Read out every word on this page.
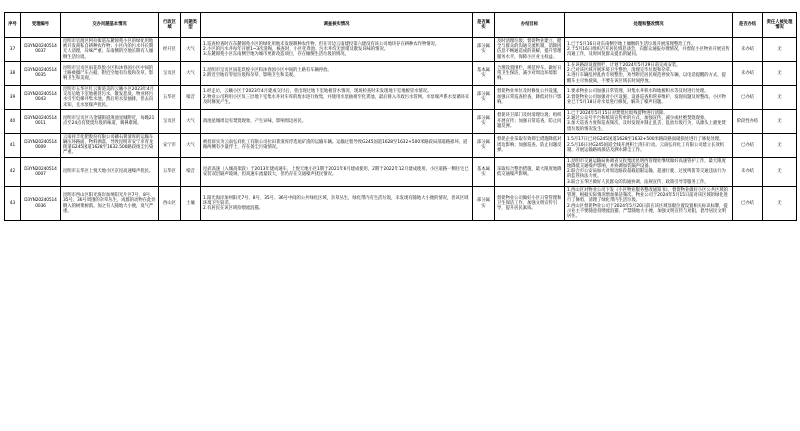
序号	受理编号	交办问题基本情况	行政区域	问题类型	调查核实情况	是否属实	办结目标	处理和整改情况	是否办结	责任人被处理情况

37	D3YN202405140037	昆明市官渡区阿拉街道东麓锦苑小区的绿化用地被开发商私自耕种农作物；小区内的污水井长期无人清理，异味严重；东南侧的空地长期有人倾倒生活垃圾。	经开区	大气	1.巡查检查时在东麓锦苑小区的绿化用地未发现耕种农作物，但在旁边云南建投第六建没有该公司地块存在耕种农作物情况。
2.小区的污水井每年开展1~3次清掏，核查时，小区化粪池、污水井均无淤堵及散发异味的情况。
3.东麓锦苑小区东南侧空地为城市更新改造项目，存在倾倒生活垃圾的情况。	部分属实	及时清理垃圾；督促物业建立、健全与群众的沟通交流机制，消除因信息不畅通造成的误解，提升管理服务水平，保障小区业主权益。	1.已于5月16日对东南侧空地上倾倒的生活垃圾开展清理整治工作。
2.于5月16日组织召开居民情恳谈会，向群众通报办理情况，并督促小区物业开展宣传沟通工作，及时回复群众提出的疑问。	未办结	无

38	D3YN202405140035	昆明市呈贡区雨花玖悦小区和沐春园小区中间的土路被僵尸车占据，附近空地有垃圾和杂草，影响卫生和美观。	呈贡区	大气	1.昆明市呈贡区雨花玖悦小区和沐春园小区中间的土路有车辆停放。
2.附近空地有零星垃圾和杂草，影响卫生和美观。	基本属实	合理设置围栏，规范停车。做好日常卫生保洁，减少对周边环境影响。	1.在该路段设置围栏，计划于2024年5月29日前完成安装。
2.已对该区域开展环境卫生整治，清理完毕垃圾和杂草。
3.进行车辆乱停乱放专项整治，劝导附近居民规范停放车辆，以电话提醒的方式，提醒车主尽快驶离，不要在该区域长时间停放。	未办结	无

39	D3YN202405140043	昆明市五华区红云街道美的云曦小区2023年4月交房后地下室地板冒污水，散发恶臭，物业将污水引至电梯井集水池，然后用水泵抽排，但去向未知，且水泵噪声扰民。	五华区	噪音	1.经走访，云曦小区于2023年4月建成交付后，曾出现过地下室地板冒水情况，现场检查时未发现地下室地板冒水情况。
2.物业公司利用小区负三层地下室集水井对车库的废水进行收集，并使用水泵抽排至化粪池，最后排入市政污水管网。水泵噪声系水泵循环未及时修复产生。	部分属实	督促物业单位及时修复公共设施，加强日常巡查检查，降低对住户影响。	1.要求物业公司加强日常管理，对集水井积水和地板积水等及时进行处理。
2.督促物业公司加强对小区设施、设备巡查和管养维护，发现问题及时整改。小区物业已于5月18日对水泵进行修复，解决了噪声问题。	已办结	无

40	D3YN202405140011	昆明市呈贡区马金铺街道滇池星城附近，每晚21点至24点有焚烧垃圾的味道，刺鼻难闻。	呈贡区	大气	滇池星城周边有焚烧现象，产生异味，影响周边居民。	部分属实	督促环卫部门及时清理垃圾；组织开展宣传；加强日常巡查，防止问题反弹。	1.已于2024年5月15日对焚烧垃圾残留物进行清除。
2.通过公众号平台和纸质宣传单的方式，加强宣传，减少或杜绝焚烧现象。
3.加大巡查力度和巡查频次，及时发现并制止乱丢、乱放垃圾行为，从源头上避免焚烧垃圾的情况发生。	阶段性办结	无

41	D3YN202405140009	云南祥丰化肥股份有限公司磷石膏渣库的运输车辆压坏路面，物料洒落，导致昆明市安宁市青龙街道G245国道1628至1632.500路段扬尘污染严重。	安宁市	大气	被投诉实为云南弘祥化工有限公司拉田菁渣库浮选尾矿渣的运输车辆。运输过程导致G245国道1628至1632+500米路段局部道路损坏。道路两侧有少量浮土，存在扬尘污染情况。	部分属实	督促企业采取有效抑尘措施降低对周边影响；加强巡查，防止问题反弹。	1.5月17日已对G245国道1628至1632+500米路段路面破损处进行了修复处理。
2.5月16日对G245国道全线开展积土清扫行动。云南弘祥化工有限公司建立长效机制，开展运输路线保洁及洒水降尘工作。	已办结	无

42	D3YN202405140007	昆明市五华区上悦天地小区京昆高速噪声扰民。	五华区	噪音	昆武高速（入城高架段）于2013年建成通车，上悦天地小区1期于2021年6月建成使用，2期于2022年12月建成使用。小区道路一侧住宅已安装双层隔声玻璃，但高速车流量较大，但仍存在交通噪声扰民情况。	基本属实	采取综合整治措施，最大限度地降低交通噪声影响。	1.昆明市交通运输局协调省交投集团昆明西管理处继续做好高速管护工作，最大限度地降低交通噪声影响，并协调加装隔声设备。
2.联合市公安局加大对周边路段超载超限运输、超速行驶、过度鸣笛等交通违法行为的监管执法力度。
3.联合五华区做好人民群众的沟通协调、法规宣传、政策引导等服务工作。	未办结	无

43	D3YN202405140036	昆明市西山区阳光海岸加州阳光片区7号、8号、35号、36号周围的杂草丛生，成群的动物在此处倒入的树菜树荫。加之有人随地大小便，臭气严重。	西山区	土壤	1.阳光海岸加州阳光7号、8号、35号、36号中间的公共绿化区域，杂草丛生，绿化带内有生活垃圾，未发现有随地大小便的情况，但该区域环境卫生较差。
2.有居民在该区域捡喂流浪猫。	部分属实	督促物业公司做好小区日常管理和卫生保洁工作，加强文明宣传引导，提升居民素质。	1.西山区对物业公司下发《小区物业服务整改通知书》，督促物业做好小区公共区域的管理，根据实际情况增加保洁频次。物业公司于2024年5月15日前对该区域的绿化进行了修剪，清理了绿化带内生活垃圾。
2.西山区督促物业公司于2024年5月20日前在该区域显眼位置设置相关标识标牌，提示业主不要随意投喂流浪猫，严禁随地大小便，加强文明宣传与劝阻，倡导居民文明居住。	已办结	无
